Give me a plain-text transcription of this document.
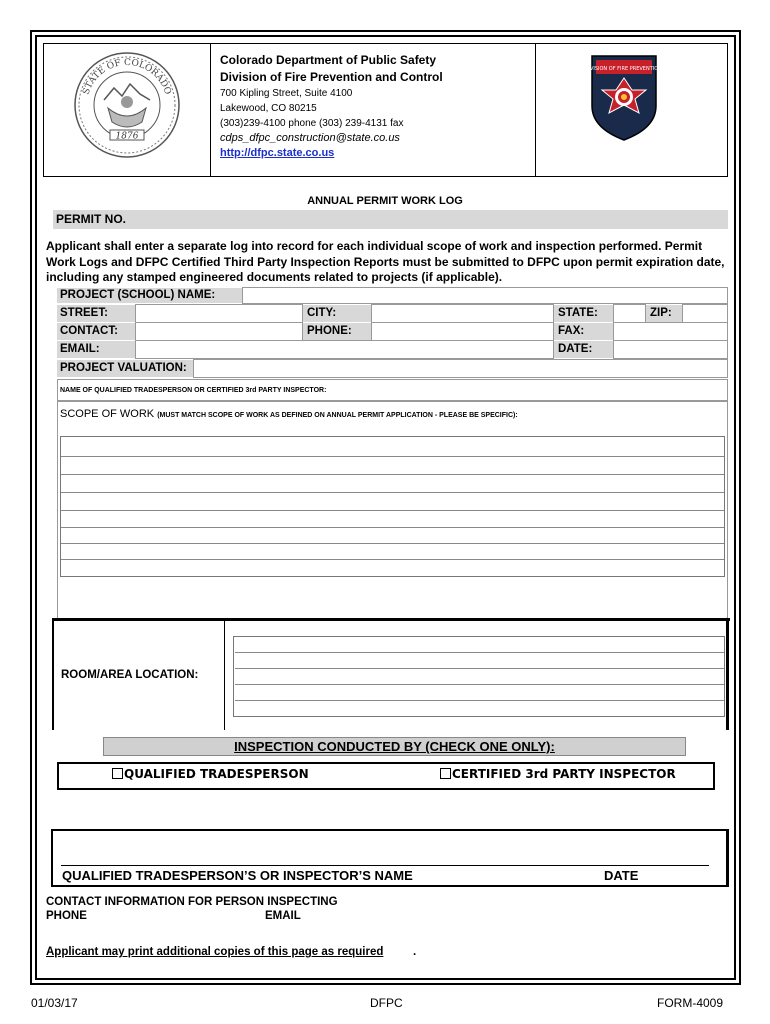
1876
STATE OF COLORADO
Colorado Department of Public Safety
Division of Fire Prevention and Control
700 Kipling Street, Suite 4100
Lakewood, CO 80215
(303)239-4100 phone (303) 239-4131 fax
cdps_dfpc_construction@state.co.us
http://dfpc.state.co.us
COLORADO DIVISION OF FIRE PREVENTION & CONTROL
ANNUAL PERMIT WORK LOG
PERMIT NO.
Applicant shall enter a separate log into record for each individual scope of work and inspection performed. Permit Work Logs and DFPC Certified Third Party Inspection Reports must be submitted to DFPC upon permit expiration date, including any stamped engineered documents related to projects (if applicable).
PROJECT (SCHOOL) NAME:
STREET:	CITY:	STATE:	ZIP:
CONTACT:	PHONE:	FAX:
EMAIL:	DATE:
PROJECT VALUATION:
NAME OF QUALIFIED TRADESPERSON OR CERTIFIED 3rd PARTY INSPECTOR:
SCOPE OF WORK (MUST MATCH SCOPE OF WORK AS DEFINED ON ANNUAL PERMIT APPLICATION - PLEASE BE SPECIFIC):
ROOM/AREA LOCATION:
INSPECTION CONDUCTED BY (CHECK ONE ONLY):
QUALIFIED TRADESPERSON	CERTIFIED 3rd PARTY INSPECTOR
QUALIFIED TRADESPERSON’S OR INSPECTOR’S NAME	DATE
CONTACT INFORMATION FOR PERSON INSPECTING
PHONE	EMAIL
Applicant may print additional copies of this page as required	.
01/03/17	DFPC	FORM-4009
